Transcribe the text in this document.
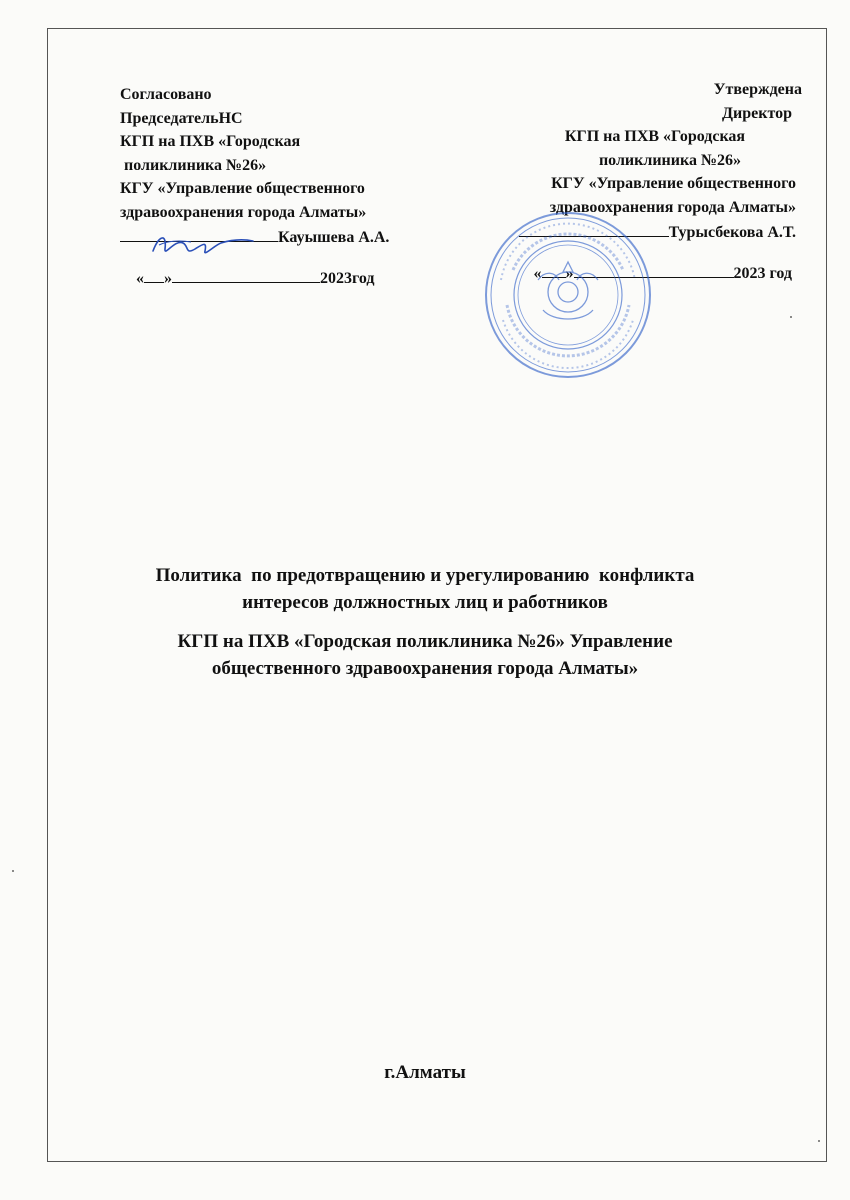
Согласовано
ПредседательНС
КГП на ПХВ «Городская
поликлиника №26»
КГУ «Управление общественного
здравоохранения города Алматы»
Кауышева А.А.
« »	2023год
Утверждена
Директор
КГП на ПХВ «Городская
поликлиника №26»
КГУ «Управление общественного
здравоохранения города Алматы»
Турысбекова А.Т.
« »	2023 год
Политика  по предотвращению и урегулированию  конфликта
интересов должностных лиц и работников
КГП на ПХВ «Городская поликлиника №26» Управление
общественного здравоохранения города Алматы»
г.Алматы
